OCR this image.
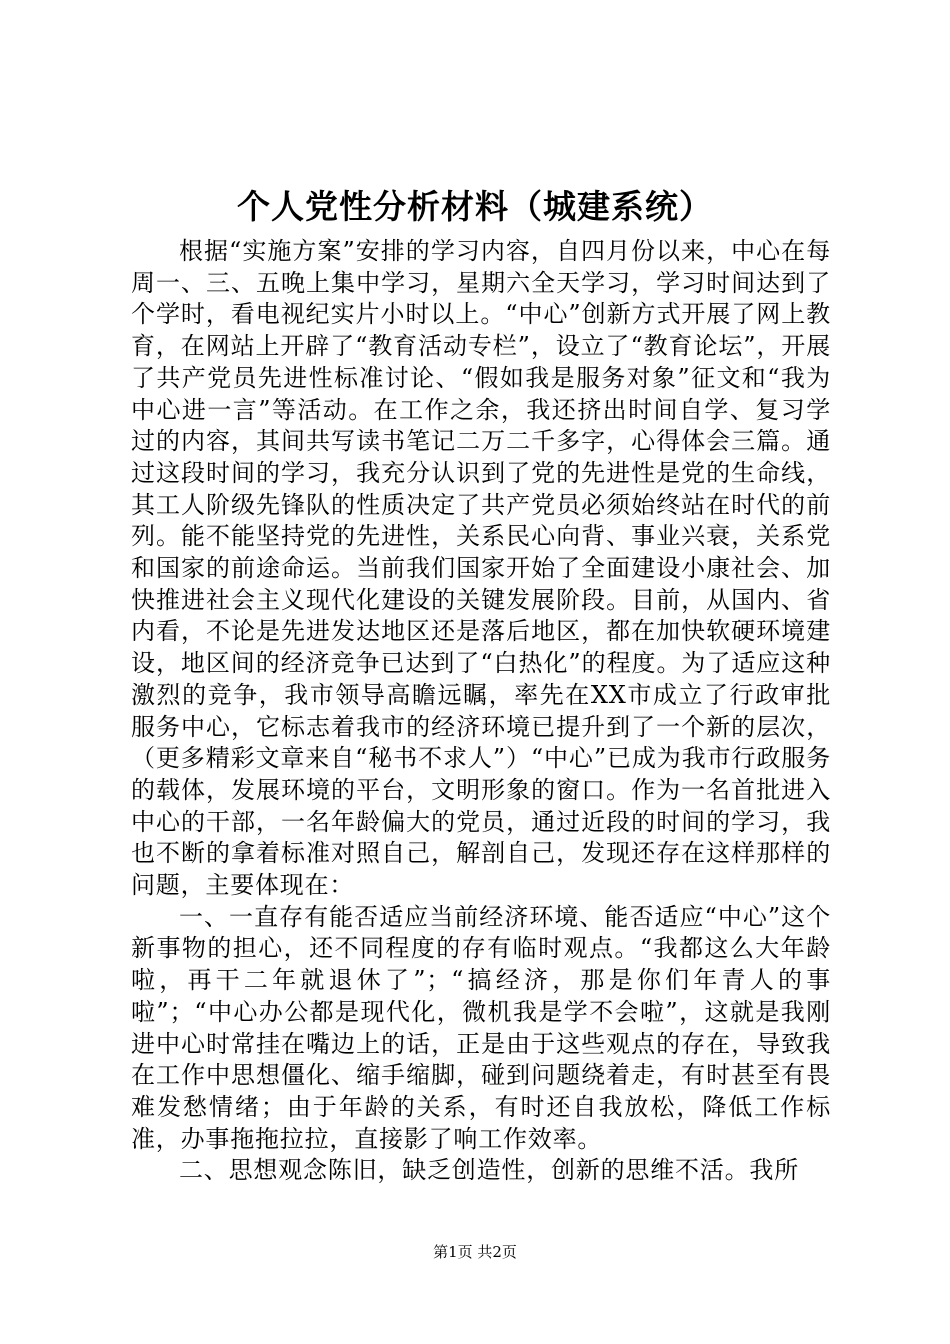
个人党性分析材料（城建系统）

根据“实施方案”安排的学习内容，自四月份以来，中心在每周一、三、五晚上集中学习，星期六全天学习，学习时间达到了个学时，看电视纪实片小时以上。“中心”创新方式开展了网上教育，在网站上开辟了“教育活动专栏”，设立了“教育论坛”，开展了共产党员先进性标准讨论、“假如我是服务对象”征文和“我为中心进一言”等活动。在工作之余，我还挤出时间自学、复习学过的内容，其间共写读书笔记二万二千多字，心得体会三篇。通过这段时间的学习，我充分认识到了党的先进性是党的生命线，其工人阶级先锋队的性质决定了共产党员必须始终站在时代的前列。能不能坚持党的先进性，关系民心向背、事业兴衰，关系党和国家的前途命运。当前我们国家开始了全面建设小康社会、加快推进社会主义现代化建设的关键发展阶段。目前，从国内、省内看，不论是先进发达地区还是落后地区，都在加快软硬环境建设，地区间的经济竞争已达到了“白热化”的程度。为了适应这种激烈的竞争，我市领导高瞻远瞩，率先在XX市成立了行政审批服务中心，它标志着我市的经济环境已提升到了一个新的层次，（更多精彩文章来自“秘书不求人”）“中心”已成为我市行政服务的载体，发展环境的平台，文明形象的窗口。作为一名首批进入中心的干部，一名年龄偏大的党员，通过近段的时间的学习，我也不断的拿着标准对照自己，解剖自己，发现还存在这样那样的问题，主要体现在：

一、一直存有能否适应当前经济环境、能否适应“中心”这个新事物的担心，还不同程度的存有临时观点。“我都这么大年龄啦，再干二年就退休了”；“搞经济，那是你们年青人的事啦”；“中心办公都是现代化，微机我是学不会啦”，这就是我刚进中心时常挂在嘴边上的话，正是由于这些观点的存在，导致我在工作中思想僵化、缩手缩脚，碰到问题绕着走，有时甚至有畏难发愁情绪；由于年龄的关系，有时还自我放松，降低工作标准，办事拖拖拉拉，直接影了响工作效率。

二、思想观念陈旧，缺乏创造性，创新的思维不活。我所

第1页 共2页
